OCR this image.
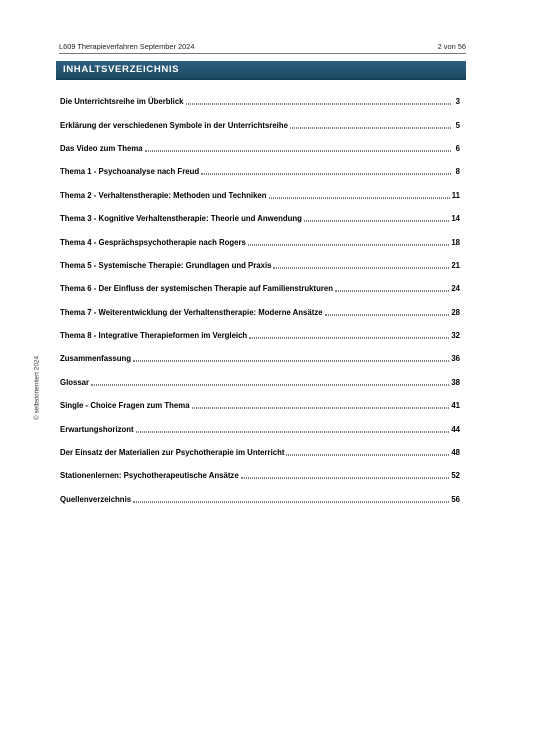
L609 Therapieverfahren September 2024	2 von 56
INHALTSVERZEICHNIS
Die Unterrichtsreihe im Überblick	3
Erklärung der verschiedenen Symbole in der Unterrichtsreihe	5
Das Video zum Thema	6
Thema 1 - Psychoanalyse nach Freud	8
Thema 2 - Verhaltenstherapie: Methoden und Techniken	11
Thema 3 - Kognitive Verhaltenstherapie: Theorie und Anwendung	14
Thema 4 - Gesprächspsychotherapie nach Rogers	18
Thema 5 - Systemische Therapie: Grundlagen und Praxis	21
Thema 6 - Der Einfluss der systemischen Therapie auf Familienstrukturen	24
Thema 7 - Weiterentwicklung der Verhaltenstherapie: Moderne Ansätze	28
Thema 8 - Integrative Therapieformen im Vergleich	32
Zusammenfassung	36
Glossar	38
Single - Choice Fragen zum Thema	41
Erwartungshorizont	44
Der Einsatz der Materialien zur Psychotherapie im Unterricht	48
Stationenlernen: Psychotherapeutische Ansätze	52
Quellenverzeichnis	56
© selbstorientiert 2024
